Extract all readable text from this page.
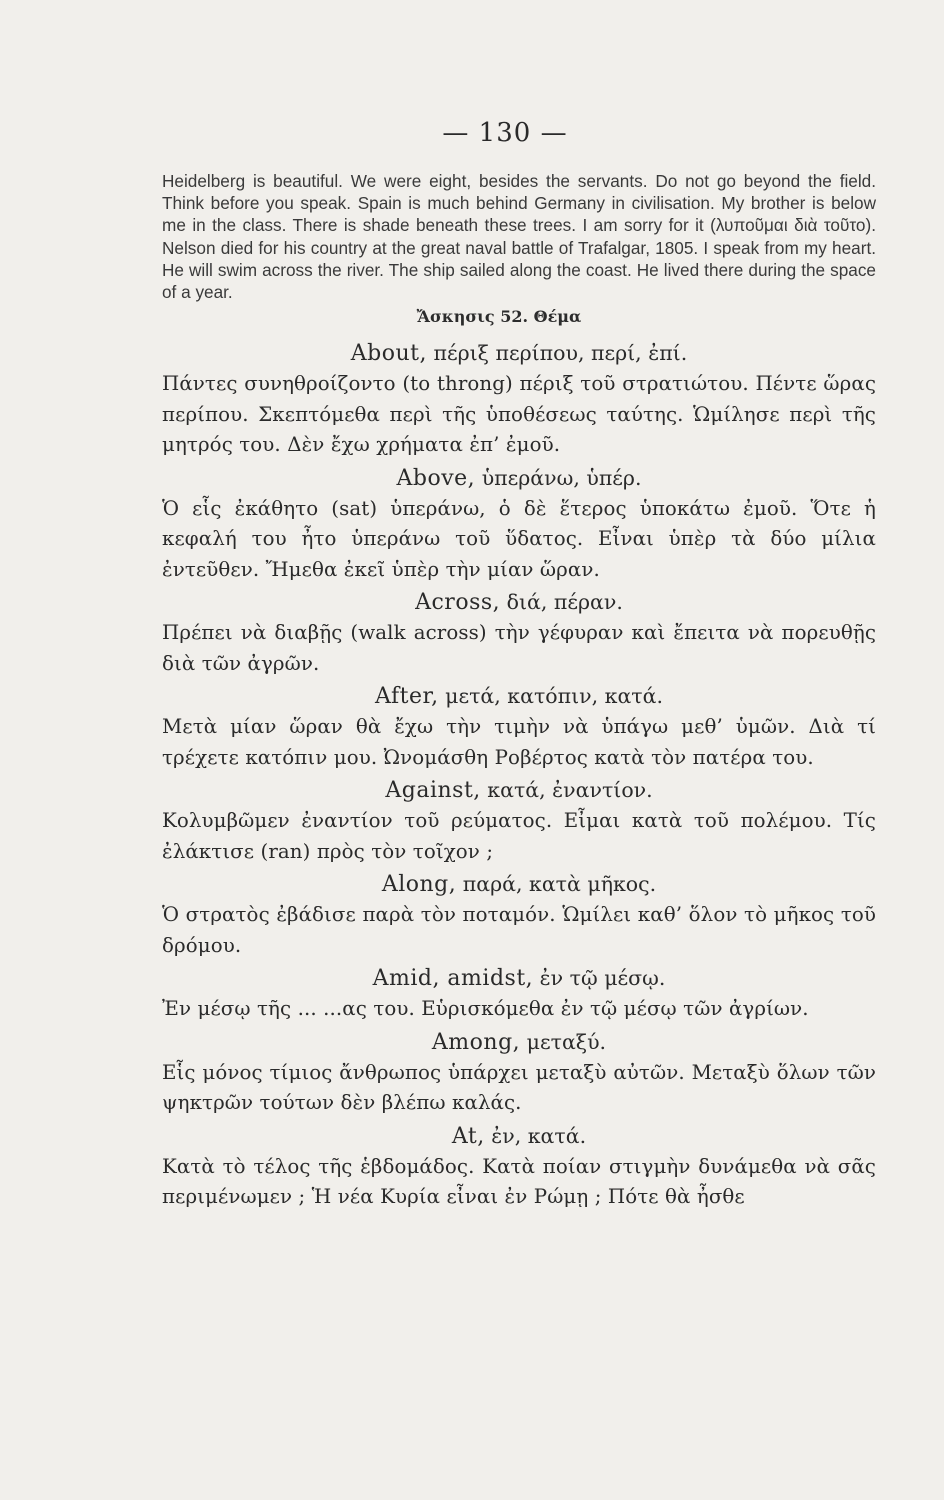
— 130 —

Heidelberg is beautiful. We were eight, besides the servants. Do not go beyond the field. Think before you speak. Spain is much behind Germany in civilisation. My brother is below me in the class. There is shade beneath these trees. I am sorry for it (λυποῦμαι διὰ τοῦτο). Nelson died for his country at the great naval battle of Trafalgar, 1805. I speak from my heart. He will swim across the river. The ship sailed along the coast. He lived there during the space of a year.

Ἄσκησις 52. Θέμα
About, πέριξ περίπου, περί, ἐπί.

Πάντες συνηθροίζοντο (to throng) πέριξ τοῦ στρατιώτου. Πέντε ὥρας περίπου. Σκεπτόμεθα περὶ τῆς ὑποθέσεως ταύτης. Ὡμίλησε περὶ τῆς μητρός του. Δὲν ἔχω χρήματα ἐπ’ ἐμοῦ.

Above, ὑπεράνω, ὑπέρ.

Ὁ εἷς ἐκάθητο (sat) ὑπεράνω, ὁ δὲ ἕτερος ὑποκάτω ἐμοῦ. Ὅτε ἡ κεφαλή του ἦτο ὑπεράνω τοῦ ὕδατος. Εἶναι ὑπὲρ τὰ δύο μίλια ἐντεῦθεν. Ἤμεθα ἐκεῖ ὑπὲρ τὴν μίαν ὥραν.

Across, διά, πέραν.

Πρέπει νὰ διαβῇς (walk across) τὴν γέφυραν καὶ ἔπειτα νὰ πορευθῇς διὰ τῶν ἀγρῶν.

After, μετά, κατόπιν, κατά.

Μετὰ μίαν ὥραν θὰ ἔχω τὴν τιμὴν νὰ ὑπάγω μεθ’ ὑμῶν. Διὰ τί τρέχετε κατόπιν μου. Ὠνομάσθη Ροβέρτος κατὰ τὸν πατέρα του.

Against, κατά, ἐναντίον.

Κολυμβῶμεν ἐναντίον τοῦ ρεύματος. Εἶμαι κατὰ τοῦ πολέμου. Τίς ἐλάκτισε (ran) πρὸς τὸν τοῖχον ;

Along, παρά, κατὰ μῆκος.

Ὁ στρατὸς ἐβάδισε παρὰ τὸν ποταμόν. Ὡμίλει καθ’ ὅλον τὸ μῆκος τοῦ δρόμου.

Amid, amidst, ἐν τῷ μέσῳ.

Ἐν μέσῳ τῆς ... ...ας του. Εὑρισκόμεθα ἐν τῷ μέσῳ τῶν ἀγρίων.

Among, μεταξύ.

Εἷς μόνος τίμιος ἄνθρωπος ὑπάρχει μεταξὺ αὐτῶν. Μεταξὺ ὅλων τῶν ψηκτρῶν τούτων δὲν βλέπω καλάς.

At, ἐν, κατά.

Κατὰ τὸ τέλος τῆς ἑβδομάδος. Κατὰ ποίαν στιγμὴν δυνάμεθα νὰ σᾶς περιμένωμεν ; Ἡ νέα Κυρία εἶναι ἐν Ρώμῃ ; Πότε θὰ ἦσθε
